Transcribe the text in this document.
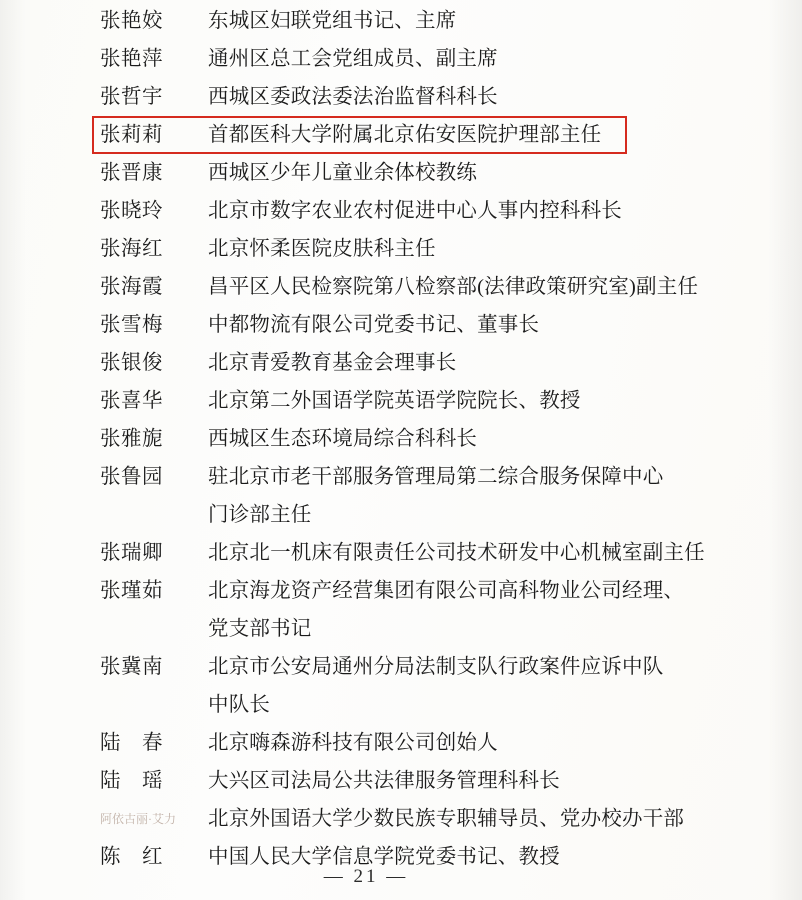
张艳姣	东城区妇联党组书记、主席
张艳萍	通州区总工会党组成员、副主席
张哲宇	西城区委政法委法治监督科科长
张莉莉	首都医科大学附属北京佑安医院护理部主任
张晋康	西城区少年儿童业余体校教练
张晓玲	北京市数字农业农村促进中心人事内控科科长
张海红	北京怀柔医院皮肤科主任
张海霞	昌平区人民检察院第八检察部(法律政策研究室)副主任
张雪梅	中都物流有限公司党委书记、董事长
张银俊	北京青爱教育基金会理事长
张喜华	北京第二外国语学院英语学院院长、教授
张雅旎	西城区生态环境局综合科科长
张鲁园	驻北京市老干部服务管理局第二综合服务保障中心
门诊部主任
张瑞卿	北京北一机床有限责任公司技术研发中心机械室副主任
张瑾茹	北京海龙资产经营集团有限公司高科物业公司经理、
党支部书记
张冀南	北京市公安局通州分局法制支队行政案件应诉中队
中队长
陆　春	北京嗨森游科技有限公司创始人
陆　瑶	大兴区司法局公共法律服务管理科科长
阿依古丽·艾力	北京外国语大学少数民族专职辅导员、党办校办干部
陈　红	中国人民大学信息学院党委书记、教授
— 21 —
